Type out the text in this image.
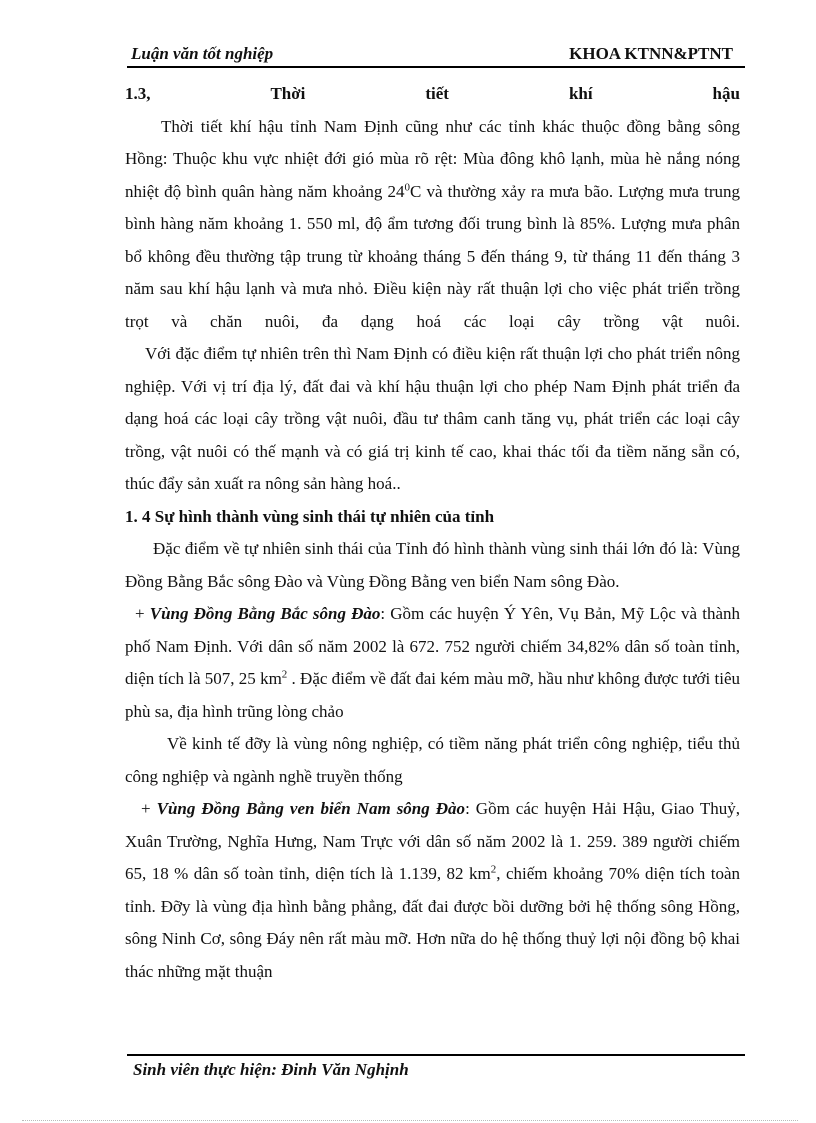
Luận văn tốt nghiệp	KHOA KTNN&PTNT
1.3,	Thời	tiết	khí	hậu

Thời tiết khí hậu tỉnh Nam Định cũng như các tỉnh khác thuộc đồng bằng sông Hồng: Thuộc khu vực nhiệt đới gió mùa rõ rệt: Mùa đông khô lạnh, mùa hè nắng nóng nhiệt độ bình quân hàng năm khoảng $24^0C$ và thường xảy ra mưa bão. Lượng mưa trung bình hàng năm khoảng 1. 550 ml, độ ẩm tương đối trung bình là 85%. Lượng mưa phân bổ không đều thường tập trung từ khoảng tháng 5 đến tháng 9, từ tháng 11 đến tháng 3 năm sau khí hậu lạnh và mưa nhỏ. Điều kiện này rất thuận lợi cho việc phát triển trồng trọt và chăn nuôi, đa dạng hoá các loại cây trồng vật nuôi.

Với đặc điểm tự nhiên trên thì Nam Định có điều kiện rất thuận lợi cho phát triển nông nghiệp. Với vị trí địa lý, đất đai và khí hậu thuận lợi cho phép Nam Định phát triển đa dạng hoá các loại cây trồng vật nuôi, đầu tư thâm canh tăng vụ, phát triển các loại cây trồng, vật nuôi có thế mạnh và có giá trị kinh tế cao, khai thác tối đa tiềm năng sẵn có, thúc đẩy sản xuất ra nông sản hàng hoá..

1. 4 Sự hình thành vùng sinh thái tự nhiên của tỉnh

Đặc điểm về tự nhiên sinh thái của Tỉnh đó hình thành vùng sinh thái lớn đó là: Vùng Đồng Bằng Bắc sông Đào và Vùng Đồng Bằng ven biển Nam sông Đào.

+ Vùng Đồng Bằng Bắc sông Đào: Gồm các huyện Ý Yên, Vụ Bản, Mỹ Lộc và thành phố Nam Định. Với dân số năm 2002 là 672. 752 người chiếm 34,82% dân số toàn tỉnh, diện tích là 507, 25 $km^2$ . Đặc điểm về đất đai kém màu mỡ, hầu như không được tưới tiêu phù sa, địa hình trũng lòng chảo

Về kinh tế đỡy là vùng nông nghiệp, có tiềm năng phát triển công nghiệp, tiểu thủ công nghiệp và ngành nghề truyền thống

+ Vùng Đồng Bằng ven biển Nam sông Đào: Gồm các huyện Hải Hậu, Giao Thuỷ, Xuân Trường, Nghĩa Hưng, Nam Trực với dân số năm 2002 là 1. 259. 389 người chiếm 65, 18 % dân số toàn tỉnh, diện tích là 1.139, 82 $km^2$, chiếm khoảng 70% diện tích toàn tỉnh. Đỡy là vùng địa hình bằng phẳng, đất đai được bồi dưỡng bởi hệ thống sông Hồng, sông Ninh Cơ, sông Đáy nên rất màu mỡ. Hơn nữa do hệ thống thuỷ lợi nội đồng bộ khai thác những mặt thuận

Sinh viên thực hiện: Đinh Văn Nghịnh
